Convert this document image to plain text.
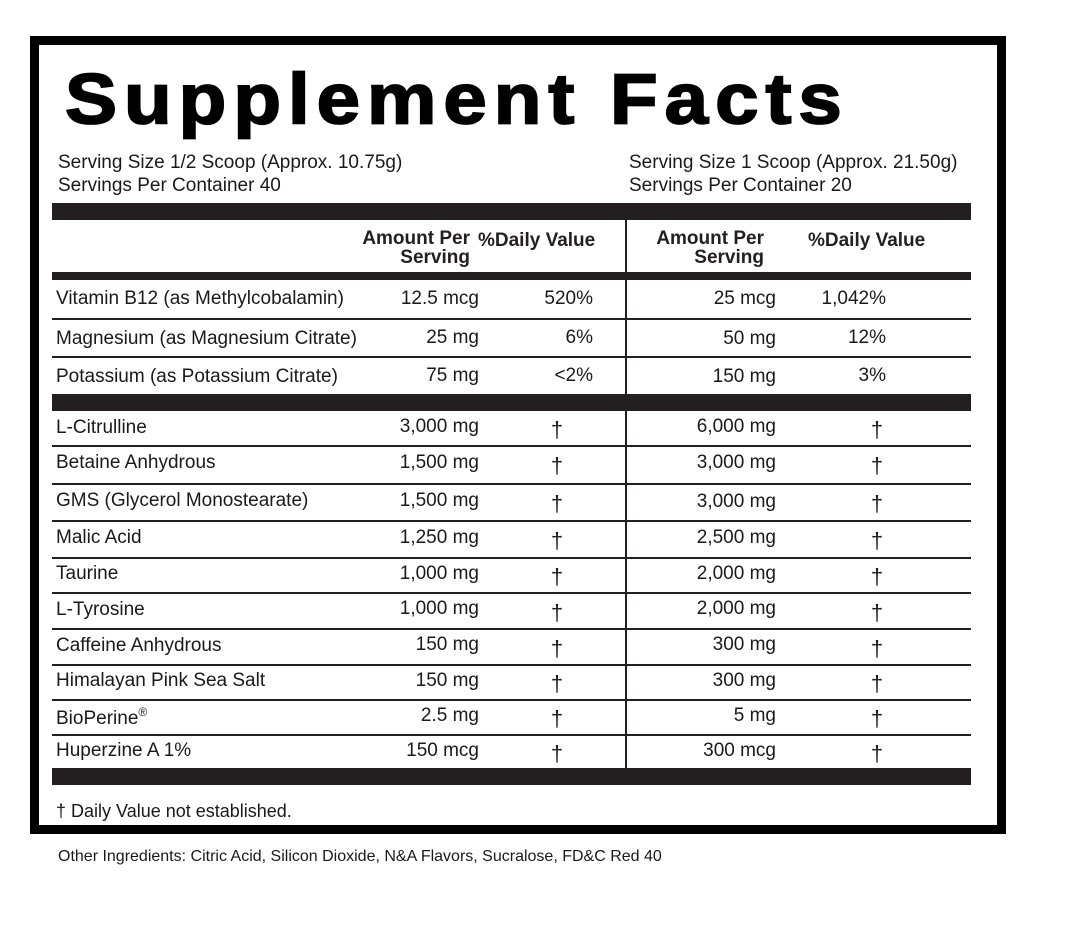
Supplement Facts
Serving Size 1/2 Scoop (Approx. 10.75g)
Servings Per Container 40
Serving Size 1 Scoop (Approx. 21.50g)
Servings Per Container 20
Amount Per
Serving
%Daily Value	Amount Per
Serving
%Daily Value
Vitamin B12 (as Methylcobalamin)	12.5 mcg	520%	25 mcg 1,042%
Magnesium (as Magnesium Citrate)	25 mg	6%	50 mg	12%
Potassium (as Potassium Citrate)	75 mg	<2%	150 mg	3%
L-Citrulline	3,000 mg	†	6,000 mg	†
Betaine Anhydrous	1,500 mg	†	3,000 mg	†
GMS (Glycerol Monostearate)	1,500 mg	†	3,000 mg	†
Malic Acid	1,250 mg	†	2,500 mg	†
Taurine	1,000 mg	†	2,000 mg	†
L-Tyrosine	1,000 mg	†	2,000 mg	†
Caffeine Anhydrous	150 mg	†	300 mg	†
Himalayan Pink Sea Salt	150 mg	†	300 mg	†
BioPerine®	2.5 mg	†	5 mg	†
Huperzine A 1%	150 mcg	†	300 mcg	†
† Daily Value not established.
Other Ingredients: Citric Acid, Silicon Dioxide, N&A Flavors, Sucralose, FD&C Red 40
